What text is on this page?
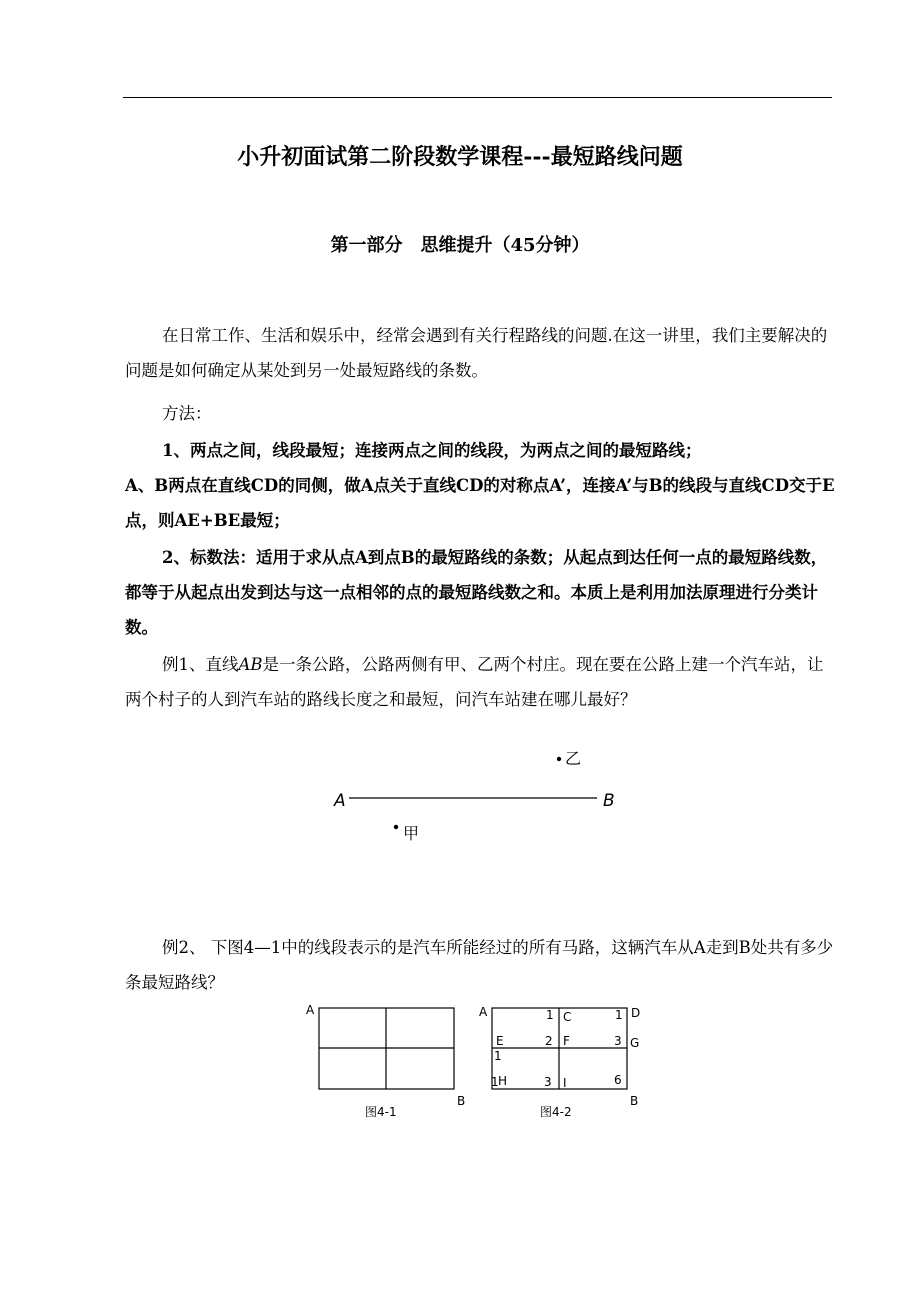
小升初面试第二阶段数学课程---最短路线问题
第一部分　思维提升（45分钟）
在日常工作、生活和娱乐中，经常会遇到有关行程路线的问题.在这一讲里，我们主要解决的问题是如何确定从某处到另一处最短路线的条数。
方法：
1、两点之间，线段最短；连接两点之间的线段，为两点之间的最短路线；
A、B两点在直线CD的同侧，做A点关于直线CD的对称点A’，连接A’与B的线段与直线CD交于E点，则AE+BE最短；
2、标数法：适用于求从点A到点B的最短路线的条数；从起点到达任何一点的最短路线数，都等于从起点出发到达与这一点相邻的点的最短路线数之和。本质上是利用加法原理进行分类计数。
例1、直线AB是一条公路，公路两侧有甲、乙两个村庄。现在要在公路上建一个汽车站，让两个村子的人到汽车站的路线长度之和最短，问汽车站建在哪儿最好？
A	B
乙
甲
A
B
图4-1
A
B
图4-2
C	D
E	F	G
H	I
1	1
1
2	3
1	3	6
例2、 下图4—1中的线段表示的是汽车所能经过的所有马路，这辆汽车从A走到B处共有多少条最短路线？
